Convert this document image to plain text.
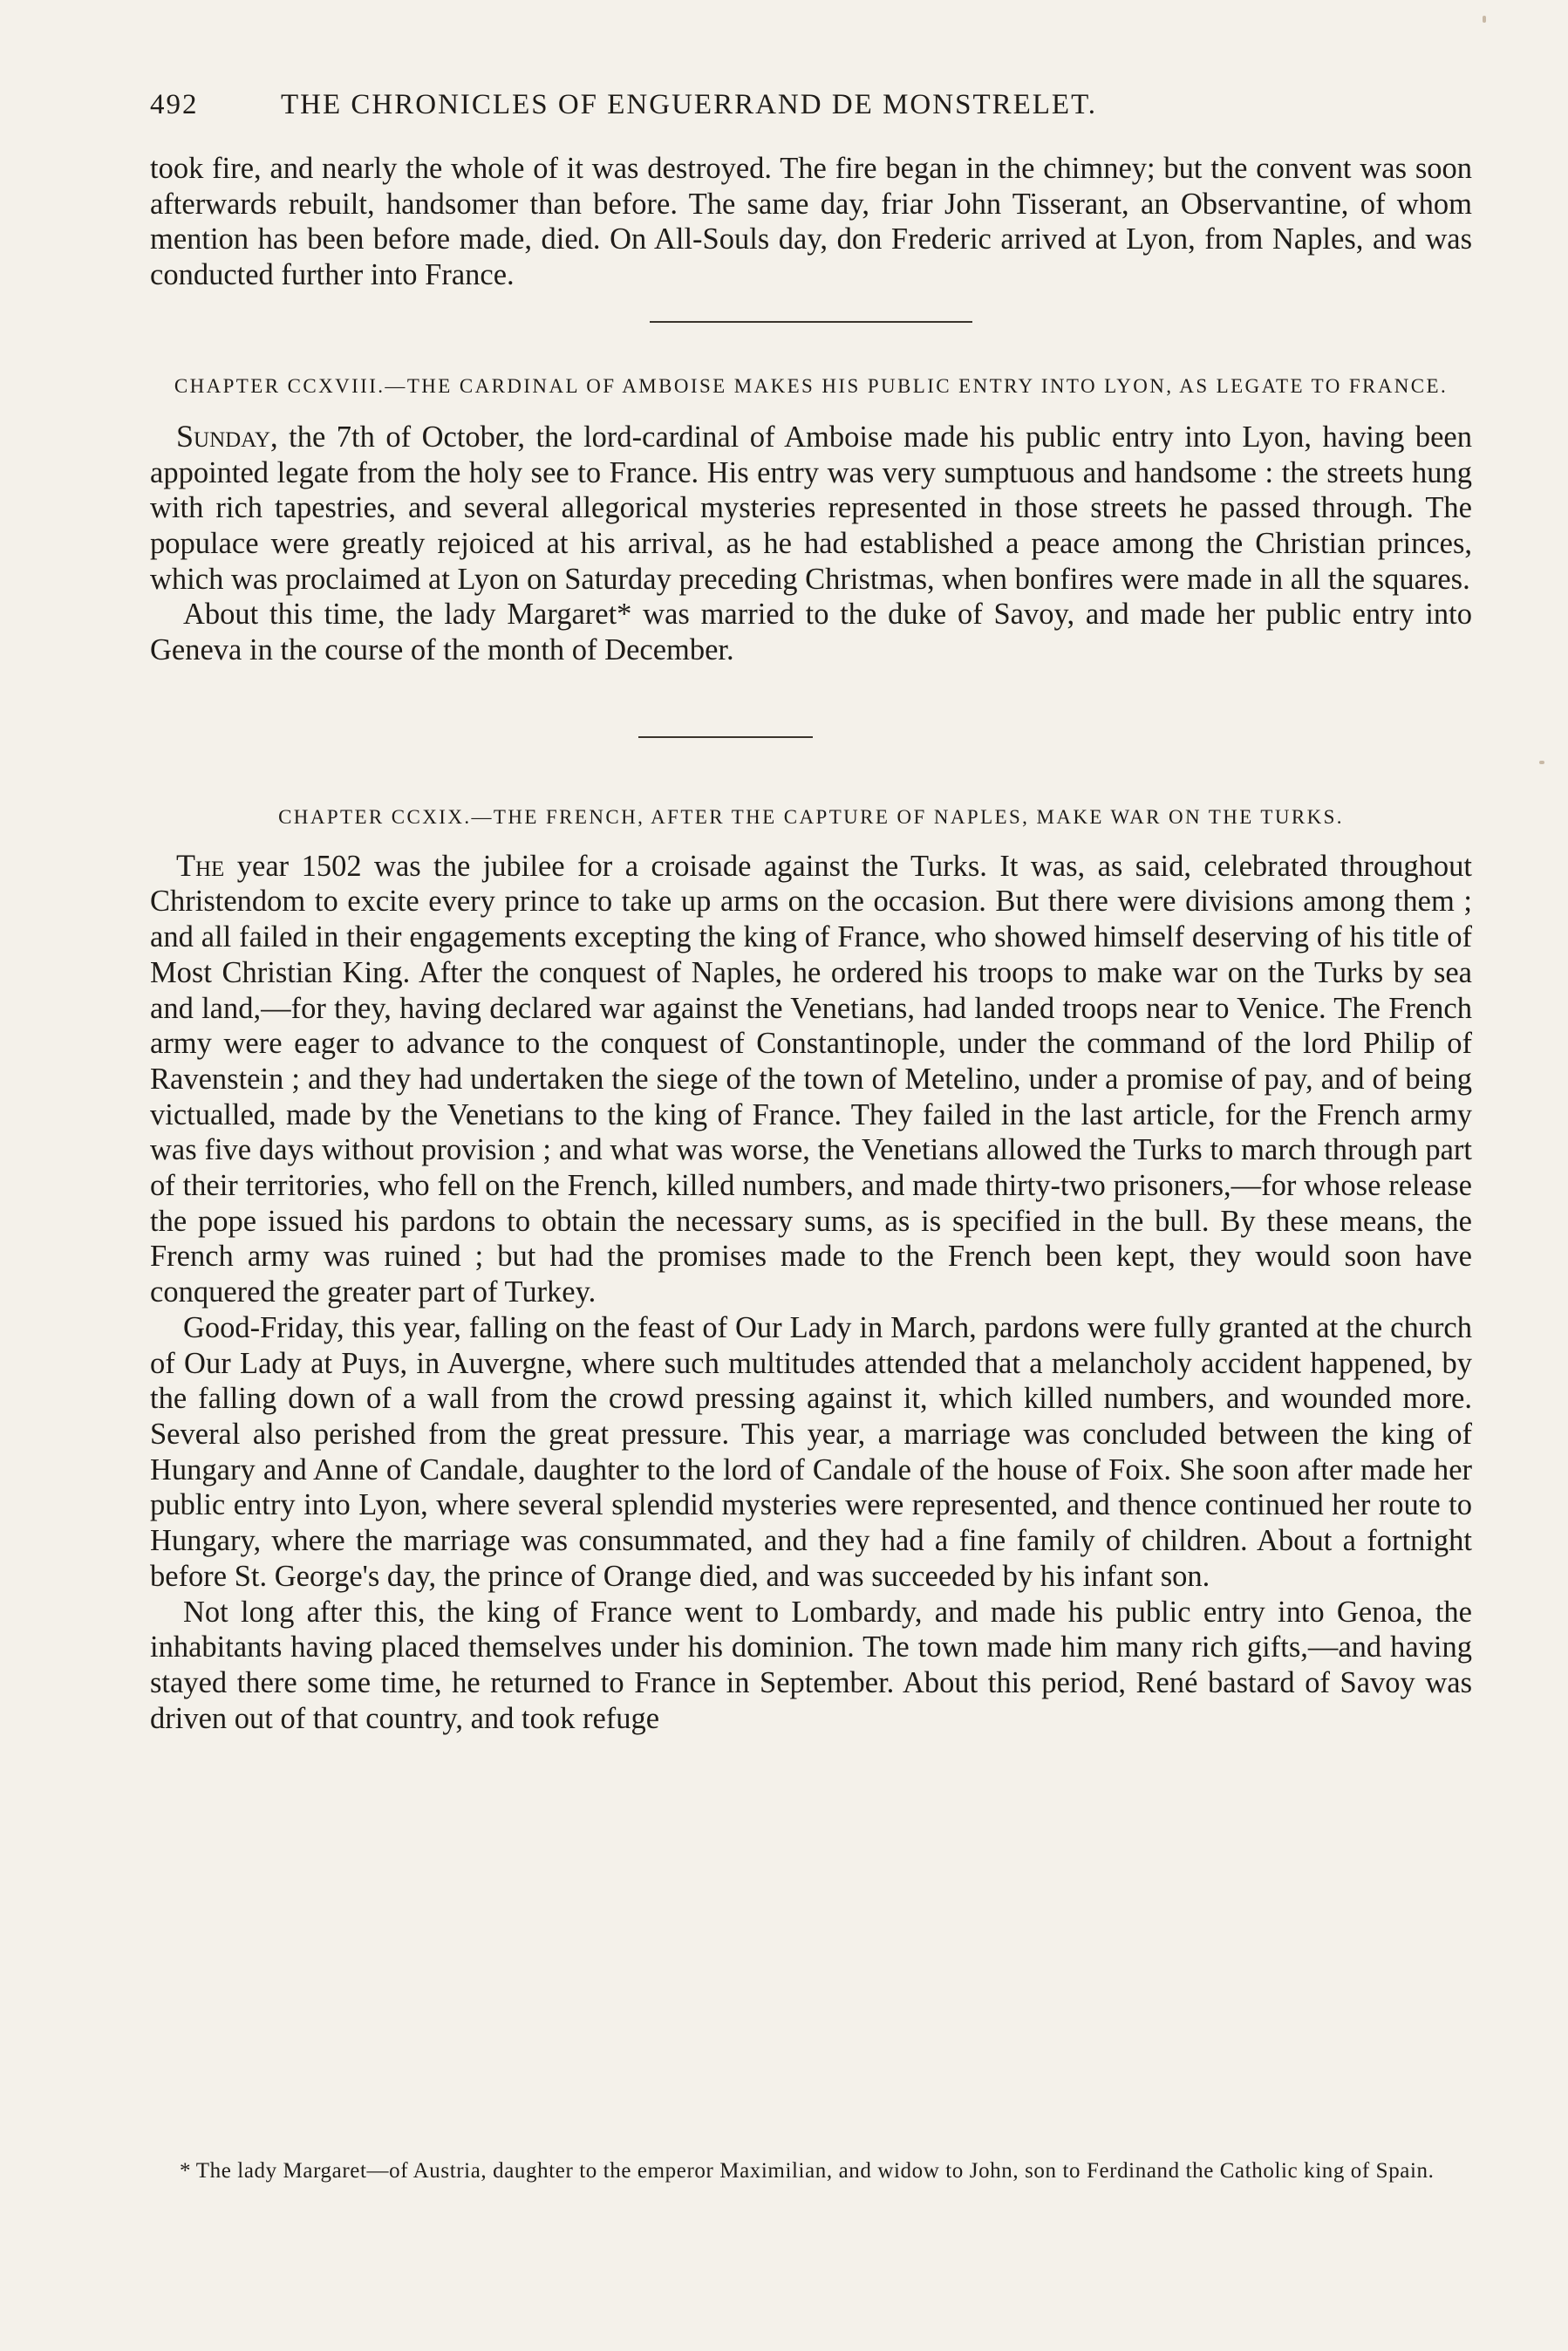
492	THE CHRONICLES OF ENGUERRAND DE MONSTRELET.

took fire, and nearly the whole of it was destroyed. The fire began in the chimney; but the convent was soon afterwards rebuilt, handsomer than before. The same day, friar John Tisserant, an Observantine, of whom mention has been before made, died. On All-Souls day, don Frederic arrived at Lyon, from Naples, and was conducted further into France.

CHAPTER CCXVIII.—THE CARDINAL OF AMBOISE MAKES HIS PUBLIC ENTRY INTO LYON, AS LEGATE TO FRANCE.

Sunday, the 7th of October, the lord-cardinal of Amboise made his public entry into Lyon, having been appointed legate from the holy see to France. His entry was very sumptuous and handsome : the streets hung with rich tapestries, and several allegorical mysteries represented in those streets he passed through. The populace were greatly rejoiced at his arrival, as he had established a peace among the Christian princes, which was proclaimed at Lyon on Saturday preceding Christmas, when bonfires were made in all the squares.

About this time, the lady Margaret* was married to the duke of Savoy, and made her public entry into Geneva in the course of the month of December.

CHAPTER CCXIX.—THE FRENCH, AFTER THE CAPTURE OF NAPLES, MAKE WAR ON THE TURKS.

The year 1502 was the jubilee for a croisade against the Turks. It was, as said, celebrated throughout Christendom to excite every prince to take up arms on the occasion. But there were divisions among them ; and all failed in their engagements excepting the king of France, who showed himself deserving of his title of Most Christian King. After the conquest of Naples, he ordered his troops to make war on the Turks by sea and land,—for they, having declared war against the Venetians, had landed troops near to Venice. The French army were eager to advance to the conquest of Constantinople, under the command of the lord Philip of Ravenstein ; and they had undertaken the siege of the town of Metelino, under a promise of pay, and of being victualled, made by the Venetians to the king of France. They failed in the last article, for the French army was five days without provision ; and what was worse, the Venetians allowed the Turks to march through part of their territories, who fell on the French, killed numbers, and made thirty-two prisoners,—for whose release the pope issued his pardons to obtain the necessary sums, as is specified in the bull. By these means, the French army was ruined ; but had the promises made to the French been kept, they would soon have conquered the greater part of Turkey.

Good-Friday, this year, falling on the feast of Our Lady in March, pardons were fully granted at the church of Our Lady at Puys, in Auvergne, where such multitudes attended that a melancholy accident happened, by the falling down of a wall from the crowd pressing against it, which killed numbers, and wounded more. Several also perished from the great pressure. This year, a marriage was concluded between the king of Hungary and Anne of Candale, daughter to the lord of Candale of the house of Foix. She soon after made her public entry into Lyon, where several splendid mysteries were represented, and thence continued her route to Hungary, where the marriage was consummated, and they had a fine family of children. About a fortnight before St. George's day, the prince of Orange died, and was succeeded by his infant son.

Not long after this, the king of France went to Lombardy, and made his public entry into Genoa, the inhabitants having placed themselves under his dominion. The town made him many rich gifts,—and having stayed there some time, he returned to France in September. About this period, René bastard of Savoy was driven out of that country, and took refuge

* The lady Margaret—of Austria, daughter to the emperor Maximilian, and widow to John, son to Ferdinand the Catholic king of Spain.
